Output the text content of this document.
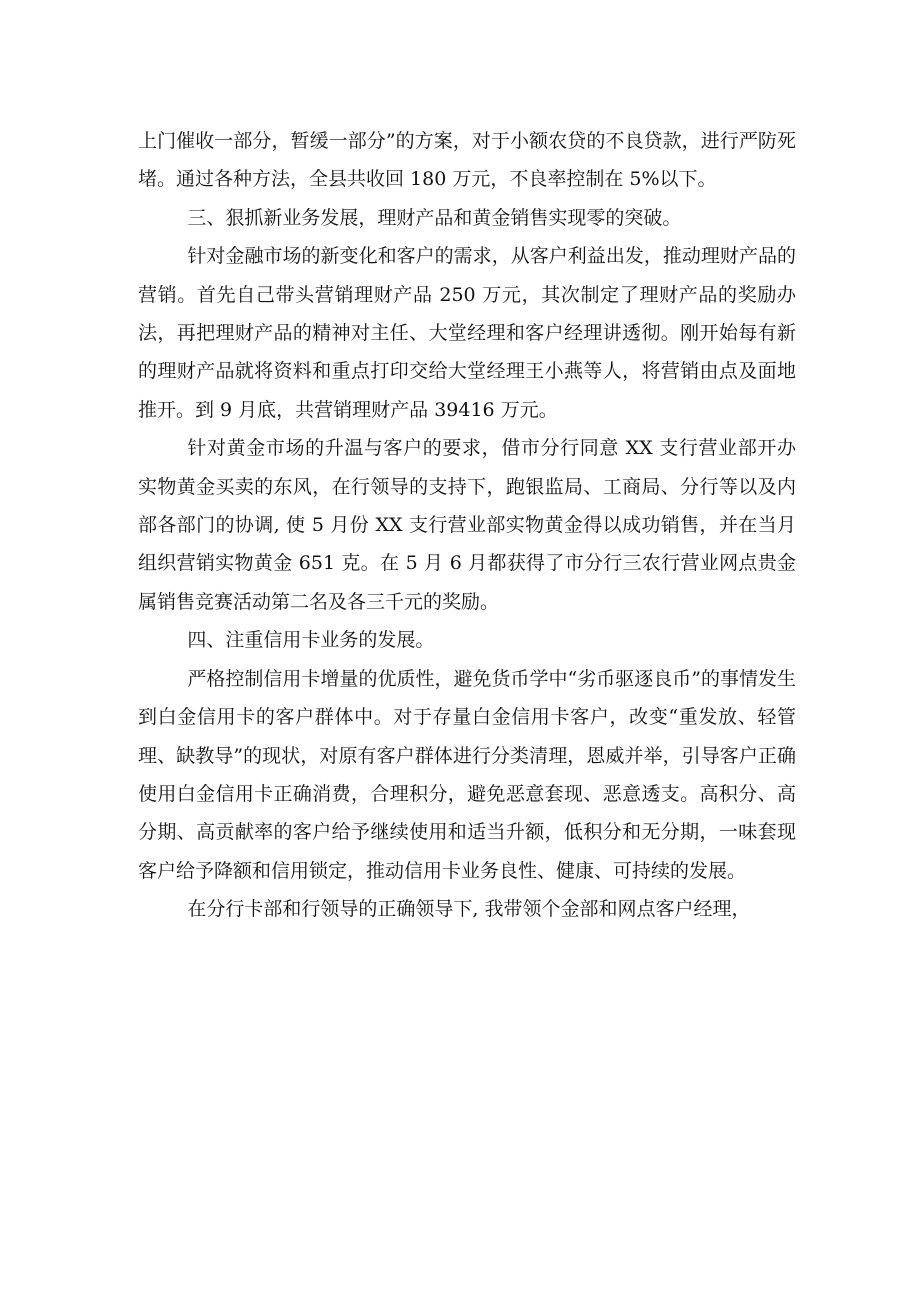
上门催收一部分，暂缓一部分”的方案，对于小额农贷的不良贷款，进行严防死堵。通过各种方法，全县共收回 180 万元，不良率控制在 5%以下。

三、狠抓新业务发展，理财产品和黄金销售实现零的突破。

针对金融市场的新变化和客户的需求，从客户利益出发，推动理财产品的营销。首先自己带头营销理财产品 250 万元，其次制定了理财产品的奖励办法，再把理财产品的精神对主任、大堂经理和客户经理讲透彻。刚开始每有新的理财产品就将资料和重点打印交给大堂经理王小燕等人，将营销由点及面地推开。到 9 月底，共营销理财产品 39416 万元。

针对黄金市场的升温与客户的要求，借市分行同意 XX 支行营业部开办实物黄金买卖的东风，在行领导的支持下，跑银监局、工商局、分行等以及内部各部门的协调, 使 5 月份 XX 支行营业部实物黄金得以成功销售，并在当月组织营销实物黄金 651 克。在 5 月 6 月都获得了市分行三农行营业网点贵金属销售竞赛活动第二名及各三千元的奖励。

四、注重信用卡业务的发展。

严格控制信用卡增量的优质性，避免货币学中“劣币驱逐良币”的事情发生到白金信用卡的客户群体中。对于存量白金信用卡客户，改变“重发放、轻管理、缺教导”的现状，对原有客户群体进行分类清理，恩威并举，引导客户正确使用白金信用卡正确消费，合理积分，避免恶意套现、恶意透支。高积分、高分期、高贡献率的客户给予继续使用和适当升额，低积分和无分期，一味套现客户给予降额和信用锁定，推动信用卡业务良性、健康、可持续的发展。

在分行卡部和行领导的正确领导下, 我带领个金部和网点客户经理，
